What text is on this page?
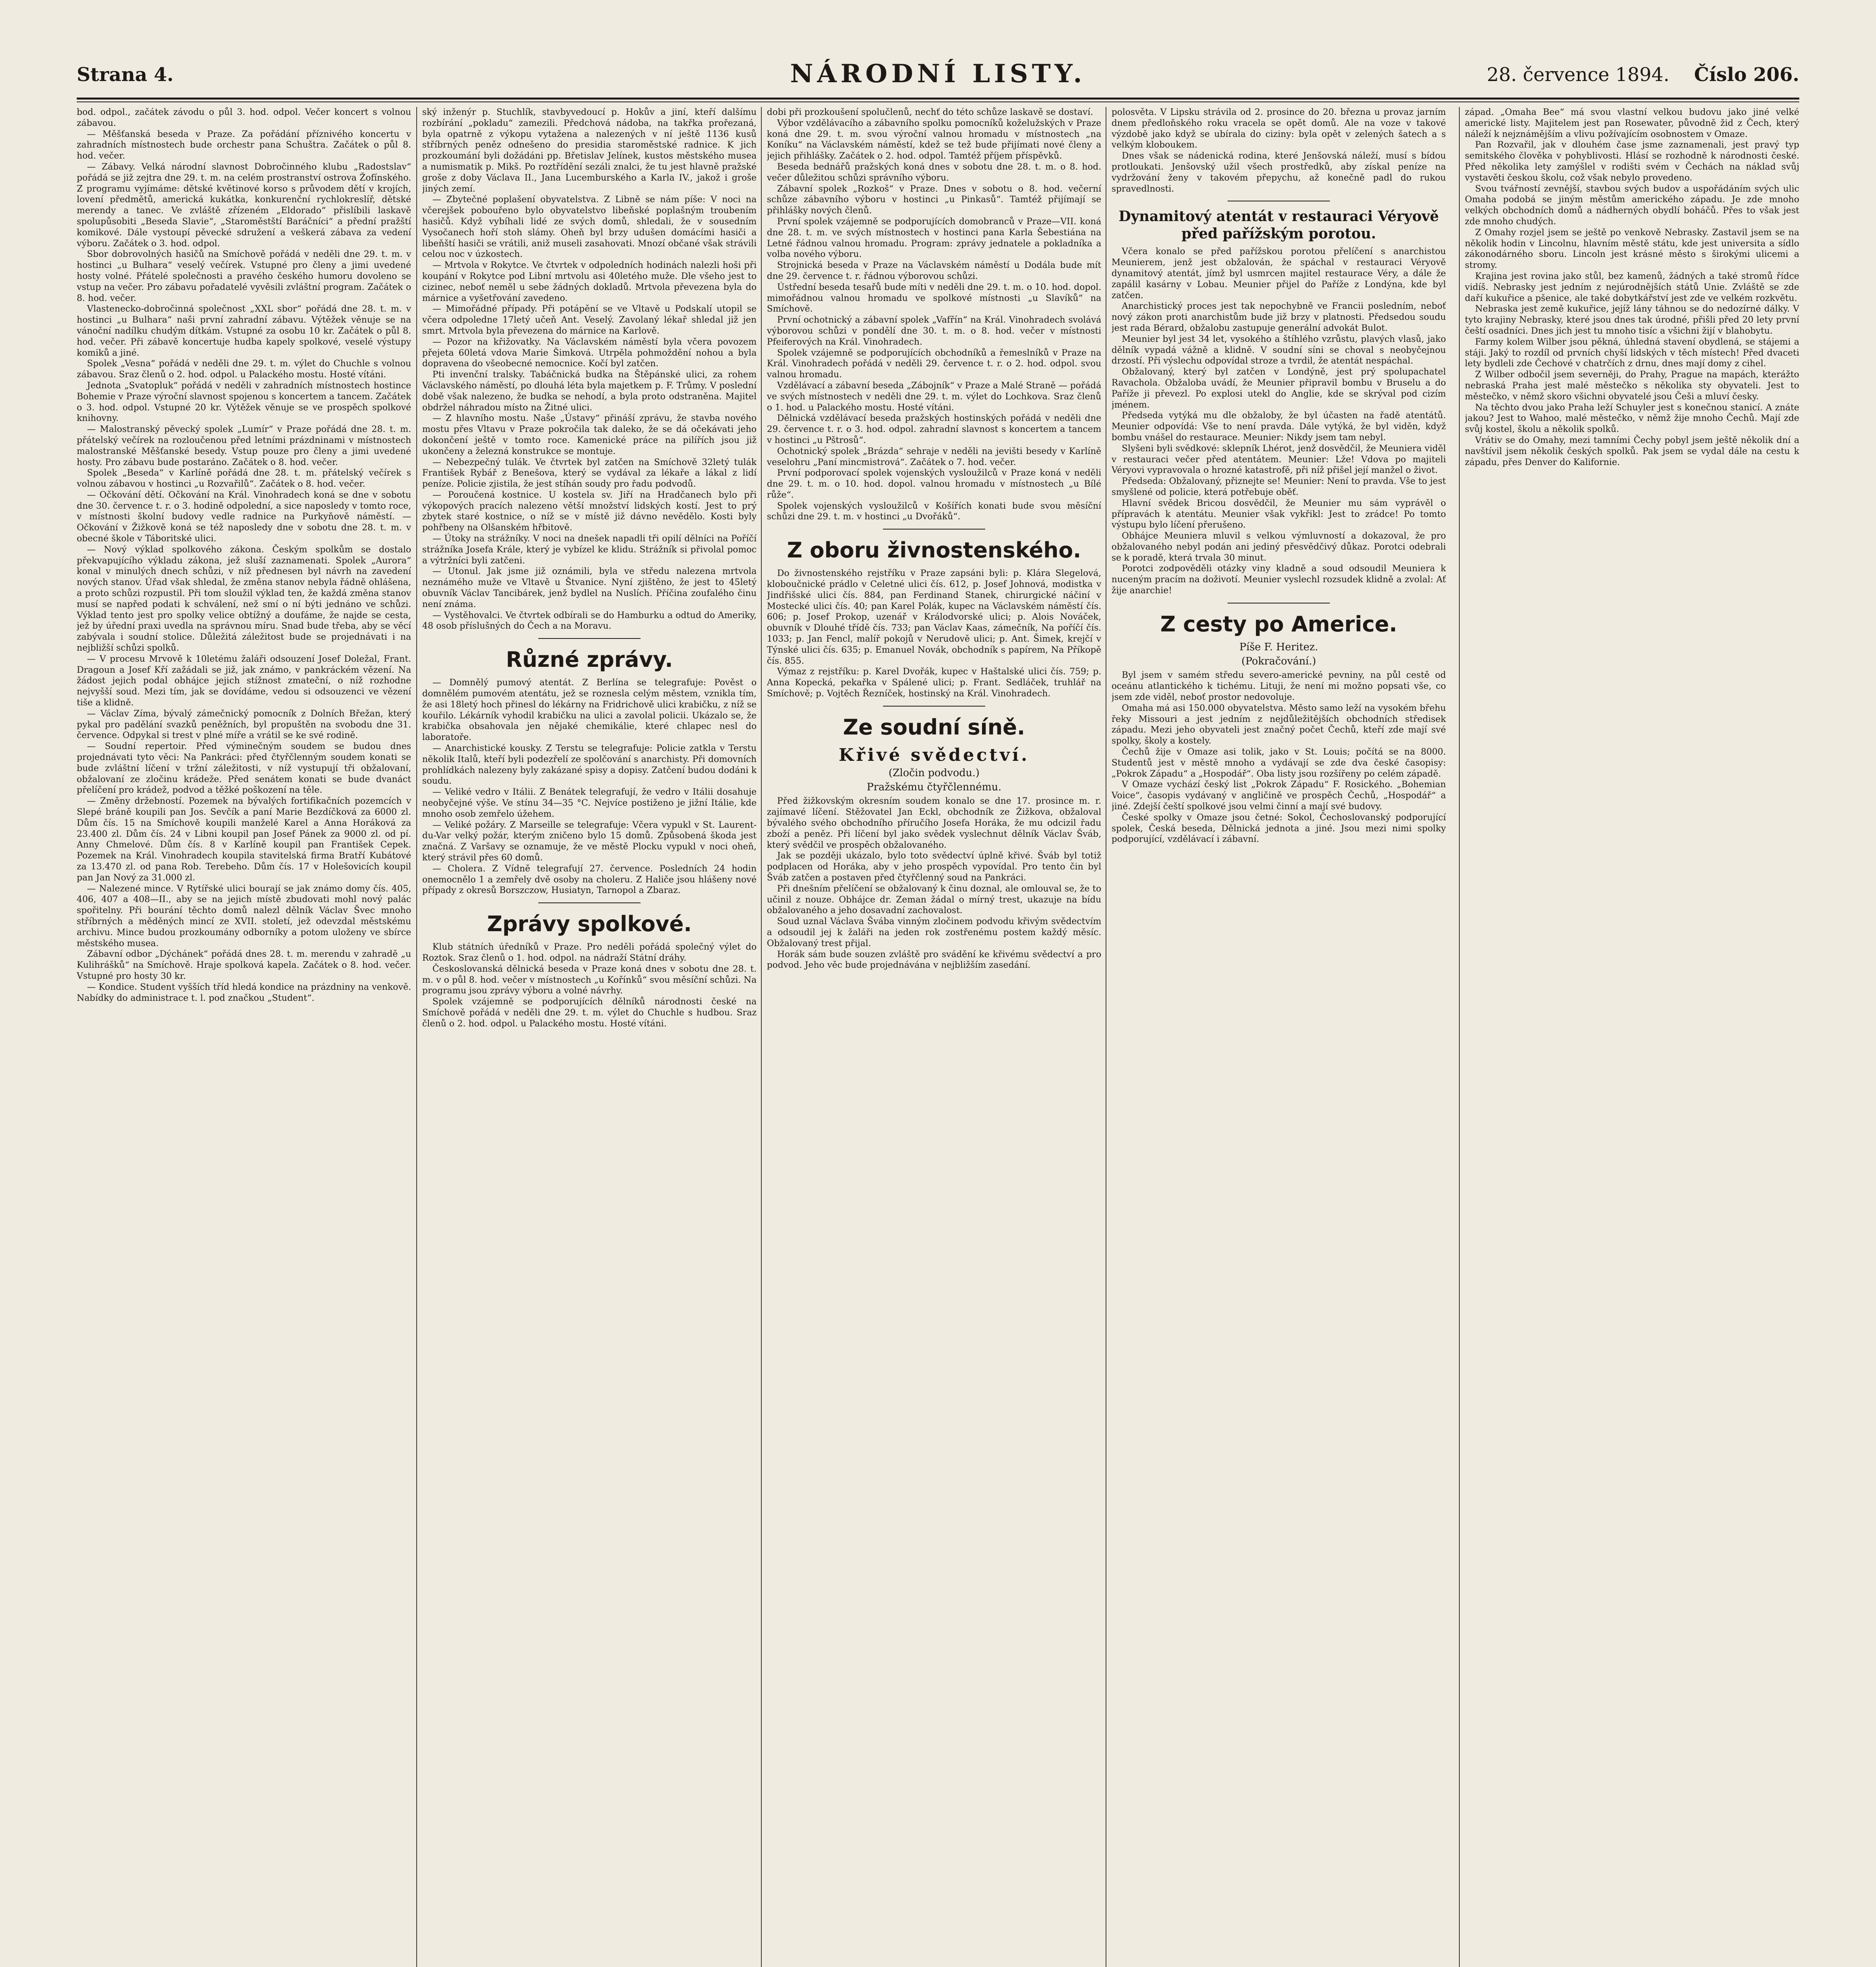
Strana 4.	NÁRODNÍ LISTY.	28. července 1894. Číslo 206.

bod. odpol., začátek závodu o půl 3. hod. odpol. Večer koncert s volnou zábavou.

— Měšťanská beseda v Praze. Za pořádání příznivého koncertu v zahradních místnostech bude orchestr pana Schuštra. Začátek o půl 8. hod. večer.

— Zábavy. Velká národní slavnost Dobročinného klubu „Radostslav“ pořádá se již zejtra dne 29. t. m. na celém prostranství ostrova Žofínského. Z programu vyjímáme: dětské květinové korso s průvodem dětí v krojích, lovení předmětů, americká kukátka, konkurenční rychlokreslíř, dětské merendy a tanec. Ve zvláště zřízeném „Eldorado“ přislíbili laskavě spolupůsobiti „Beseda Slavie“, „Staroměstští Baráčníci“ a přední pražští komikové. Dále vystoupí pěvecké sdružení a veškerá zábava za vedení výboru. Začátek o 3. hod. odpol.

Sbor dobrovolných hasičů na Smíchově pořádá v neděli dne 29. t. m. v hostinci „u Bulhara“ veselý večírek. Vstupné pro členy a jimi uvedené hosty volné. Přátelé společnosti a pravého českého humoru dovoleno se vstup na večer. Pro zábavu pořadatelé vyvěsili zvláštní program. Začátek o 8. hod. večer.

Vlastenecko-dobročinná společnost „XXL sbor“ pořádá dne 28. t. m. v hostinci „u Bulhara“ naši první zahradní zábavu. Výtěžek věnuje se na vánoční nadílku chudým dítkám. Vstupné za osobu 10 kr. Začátek o půl 8. hod. večer. Při zábavě koncertuje hudba kapely spolkové, veselé výstupy komiků a jiné.

Spolek „Vesna“ pořádá v neděli dne 29. t. m. výlet do Chuchle s volnou zábavou. Sraz členů o 2. hod. odpol. u Palackého mostu. Hosté vítáni.

Jednota „Svatopluk“ pořádá v neděli v zahradních místnostech hostince Bohemie v Praze výroční slavnost spojenou s koncertem a tancem. Začátek o 3. hod. odpol. Vstupné 20 kr. Výtěžek věnuje se ve prospěch spolkové knihovny.

— Malostranský pěvecký spolek „Lumír“ v Praze pořádá dne 28. t. m. přátelský večírek na rozloučenou před letními prázdninami v místnostech malostranské Měšťanské besedy. Vstup pouze pro členy a jimi uvedené hosty. Pro zábavu bude postaráno. Začátek o 8. hod. večer.

Spolek „Beseda“ v Karlíně pořádá dne 28. t. m. přátelský večírek s volnou zábavou v hostinci „u Rozvařilů“. Začátek o 8. hod. večer.

— Očkování dětí. Očkování na Král. Vinohradech koná se dne v sobotu dne 30. července t. r. o 3. hodině odpolední, a sice naposledy v tomto roce, v místnosti školní budovy vedle radnice na Purkyňově náměstí. — Očkování v Žižkově koná se též naposledy dne v sobotu dne 28. t. m. v obecné škole v Táboritské ulici.

— Nový výklad spolkového zákona. Českým spolkům se dostalo překvapujícího výkladu zákona, jež sluší zaznamenati. Spolek „Aurora“ konal v minulých dnech schůzi, v níž přednesen byl návrh na zavedení nových stanov. Úřad však shledal, že změna stanov nebyla řádně ohlášena, a proto schůzi rozpustil. Při tom sloužil výklad ten, že každá změna stanov musí se napřed podati k schválení, než smí o ní býti jednáno ve schůzi. Výklad tento jest pro spolky velice obtížný a doufáme, že najde se cesta, jež by úřední praxi uvedla na správnou míru. Snad bude třeba, aby se věcí zabývala i soudní stolice. Důležitá záležitost bude se projednávati i na nejbližší schůzi spolků.

— V procesu Mrvově k 10letému žaláři odsouzení Josef Doležal, Frant. Dragoun a Josef Kří zažádali se již, jak známo, v pankráckém vězení. Na žádost jejich podal obhájce jejich stížnost zmateční, o níž rozhodne nejvyšší soud. Mezi tím, jak se dovídáme, vedou si odsouzenci ve vězení tiše a klidně.

— Václav Zíma, bývalý zámečnický pomocník z Dolních Břežan, který pykal pro padělání svazků peněžních, byl propuštěn na svobodu dne 31. července. Odpykal si trest v plné míře a vrátil se ke své rodině.

— Soudní repertoir. Před výminečným soudem se budou dnes projednávati tyto věci: Na Pankráci: před čtyřčlenným soudem konati se bude zvláštní líčení v tržní záležitosti, v níž vystupují tři obžalovaní, obžalovaní ze zločinu krádeže. Před senátem konati se bude dvanáct přelíčení pro krádež, podvod a těžké poškození na těle.

— Změny držebností. Pozemek na bývalých fortifikačních pozemcích v Slepé bráně koupili pan Jos. Sevčík a paní Marie Bezdíčková za 6000 zl. Dům čís. 15 na Smíchově koupili manželé Karel a Anna Horáková za 23.400 zl. Dům čís. 24 v Libni koupil pan Josef Pánek za 9000 zl. od pí. Anny Chmelové. Dům čís. 8 v Karlíně koupil pan František Cepek. Pozemek na Král. Vinohradech koupila stavitelská firma Bratří Kubátové za 13.470 zl. od pana Rob. Terebeho. Dům čís. 17 v Holešovicích koupil pan Jan Nový za 31.000 zl.

— Nalezené mince. V Rytířské ulici bourají se jak známo domy čís. 405, 406, 407 a 408—II., aby se na jejich místě zbudovati mohl nový palác spořitelny. Při bourání těchto domů nalezl dělník Václav Švec mnoho stříbrných a měděných mincí ze XVII. století, jež odevzdal městskému archivu. Mince budou prozkoumány odborníky a potom uloženy ve sbírce městského musea.

Zábavní odbor „Dýchánek“ pořádá dnes 28. t. m. merendu v zahradě „u Kulihrášků“ na Smíchově. Hraje spolková kapela. Začátek o 8. hod. večer. Vstupné pro hosty 30 kr.

— Kondice. Student vyšších tříd hledá kondice na prázdniny na venkově. Nabídky do administrace t. l. pod značkou „Student“.

ský inženýr p. Stuchlík, stavbyvedoucí p. Hokův a jiní, kteří dalšímu rozbírání „pokladu“ zamezili. Předchová nádoba, na takřka prořezaná, byla opatrně z výkopu vytažena a nalezených v ní ještě 1136 kusů stříbrných peněz odnešeno do presidia staroměstské radnice. K jich prozkoumání byli dožádáni pp. Břetislav Jelínek, kustos městského musea a numismatik p. Mikš. Po roztřídění sezáli znalci, že tu jest hlavně pražské groše z doby Václava II., Jana Lucemburského a Karla IV., jakož i groše jiných zemí.

— Zbytečné poplašení obyvatelstva. Z Libně se nám píše: V noci na včerejšek pobouřeno bylo obyvatelstvo libeňské poplašným troubením hasičů. Když vybíhali lidé ze svých domů, shledali, že v sousedním Vysočanech hoří stoh slámy. Oheň byl brzy udušen domácími hasiči a libeňští hasiči se vrátili, aniž museli zasahovati. Mnozí občané však strávili celou noc v úzkostech.

— Mrtvola v Rokytce. Ve čtvrtek v odpoledních hodinách nalezli hoši při koupání v Rokytce pod Libní mrtvolu asi 40letého muže. Dle všeho jest to cizinec, neboť neměl u sebe žádných dokladů. Mrtvola převezena byla do márnice a vyšetřování zavedeno.

— Mimořádné případy. Při potápění se ve Vltavě u Podskalí utopil se včera odpoledne 17letý učeň Ant. Veselý. Zavolaný lékař shledal již jen smrt. Mrtvola byla převezena do márnice na Karlově.

— Pozor na křižovatky. Na Václavském náměstí byla včera povozem přejeta 60letá vdova Marie Šimková. Utrpěla pohmoždění nohou a byla dopravena do všeobecné nemocnice. Kočí byl zatčen.

Pti invenční tralsky. Tabáčnická budka na Štěpánské ulici, za rohem Václavského náměstí, po dlouhá léta byla majetkem p. F. Trůmy. V poslední době však nalezeno, že budka se nehodí, a byla proto odstraněna. Majitel obdržel náhradou místo na Žitné ulici.

— Z hlavního mostu. Naše „Ústavy“ přináší zprávu, že stavba nového mostu přes Vltavu v Praze pokročila tak daleko, že se dá očekávati jeho dokončení ještě v tomto roce. Kamenické práce na pilířích jsou již ukončeny a železná konstrukce se montuje.

— Nebezpečný tulák. Ve čtvrtek byl zatčen na Smíchově 32letý tulák František Rybář z Benešova, který se vydával za lékaře a lákal z lidí peníze. Policie zjistila, že jest stíhán soudy pro řadu podvodů.

— Poroučená kostnice. U kostela sv. Jiří na Hradčanech bylo při výkopových pracích nalezeno větší množství lidských kostí. Jest to prý zbytek staré kostnice, o níž se v místě již dávno nevědělo. Kosti byly pohřbeny na Olšanském hřbitově.

— Útoky na strážníky. V noci na dnešek napadli tři opilí dělníci na Poříčí strážníka Josefa Krále, který je vybízel ke klidu. Strážník si přivolal pomoc a výtržníci byli zatčeni.

— Utonul. Jak jsme již oznámili, byla ve středu nalezena mrtvola neznámého muže ve Vltavě u Štvanice. Nyní zjištěno, že jest to 45letý obuvník Václav Tancibárek, jenž bydlel na Nuslích. Příčina zoufalého činu není známa.

— Vystěhovalci. Ve čtvrtek odbírali se do Hamburku a odtud do Ameriky, 48 osob příslušných do Čech a na Moravu.

Různé zprávy.

— Domnělý pumový atentát. Z Berlína se telegrafuje: Pověst o domnělém pumovém atentátu, jež se roznesla celým městem, vznikla tím, že asi 18letý hoch přinesl do lékárny na Fridrichově ulici krabičku, z níž se kouřilo. Lékárník vyhodil krabičku na ulici a zavolal policii. Ukázalo se, že krabička obsahovala jen nějaké chemikálie, které chlapec nesl do laboratoře.

— Anarchistické kousky. Z Terstu se telegrafuje: Policie zatkla v Terstu několik Italů, kteří byli podezřelí ze spolčování s anarchisty. Při domovních prohlídkách nalezeny byly zakázané spisy a dopisy. Zatčení budou dodáni k soudu.

— Veliké vedro v Itálii. Z Benátek telegrafují, že vedro v Itálii dosahuje neobyčejné výše. Ve stínu 34—35 °C. Nejvíce postiženo je jižní Itálie, kde mnoho osob zemřelo úžehem.

— Veliké požáry. Z Marseille se telegrafuje: Včera vypukl v St. Laurent-du-Var velký požár, kterým zničeno bylo 15 domů. Způsobená škoda jest značná. Z Varšavy se oznamuje, že ve městě Plocku vypukl v noci oheň, který strávil přes 60 domů.

— Cholera. Z Vídně telegrafují 27. července. Posledních 24 hodin onemocnělo 1 a zemřely dvě osoby na choleru. Z Haliče jsou hlášeny nové případy z okresů Borszczow, Husiatyn, Tarnopol a Zbaraz.

Zprávy spolkové.

Klub státních úředníků v Praze. Pro neděli pořádá společný výlet do Roztok. Sraz členů o 1. hod. odpol. na nádraží Státní dráhy.

Českoslovanská dělnická beseda v Praze koná dnes v sobotu dne 28. t. m. v o půl 8. hod. večer v místnostech „u Kořínků“ svou měsíční schůzi. Na programu jsou zprávy výboru a volné návrhy.

Spolek vzájemně se podporujících dělníků národnosti české na Smíchově pořádá v neděli dne 29. t. m. výlet do Chuchle s hudbou. Sraz členů o 2. hod. odpol. u Palackého mostu. Hosté vítáni.

dobi při prozkoušení spolučlenů, nechť do této schůze laskavě se dostaví.

Výbor vzdělávacího a zábavního spolku pomocníků koželužských v Praze koná dne 29. t. m. svou výroční valnou hromadu v místnostech „na Koníku“ na Václavském náměstí, kdež se tež bude přijímati nové členy a jejich přihlášky. Začátek o 2. hod. odpol. Tamtéž příjem příspěvků.

Beseda bednářů pražských koná dnes v sobotu dne 28. t. m. o 8. hod. večer důležitou schůzi správního výboru.

Zábavní spolek „Rozkoš“ v Praze. Dnes v sobotu o 8. hod. večerní schůze zábavního výboru v hostinci „u Pinkasů“. Tamtéž přijímají se přihlášky nových členů.

První spolek vzájemně se podporujících domobranců v Praze—VII. koná dne 28. t. m. ve svých místnostech v hostinci pana Karla Šebestiána na Letné řádnou valnou hromadu. Program: zprávy jednatele a pokladníka a volba nového výboru.

Strojnická beseda v Praze na Václavském náměstí u Dodála bude mít dne 29. července t. r. řádnou výborovou schůzi.

Ústřední beseda tesařů bude míti v neděli dne 29. t. m. o 10. hod. dopol. mimořádnou valnou hromadu ve spolkové místnosti „u Slavíků“ na Smíchově.

První ochotnický a zábavní spolek „Vafřín“ na Král. Vinohradech svolává výborovou schůzi v pondělí dne 30. t. m. o 8. hod. večer v místnosti Pfeiferových na Král. Vinohradech.

Spolek vzájemně se podporujících obchodníků a řemeslníků v Praze na Král. Vinohradech pořádá v neděli 29. července t. r. o 2. hod. odpol. svou valnou hromadu.

Vzdělávací a zábavní beseda „Zábojník“ v Praze a Malé Straně — pořádá ve svých místnostech v neděli dne 29. t. m. výlet do Lochkova. Sraz členů o 1. hod. u Palackého mostu. Hosté vítáni.

Dělnická vzdělávací beseda pražských hostinských pořádá v neděli dne 29. července t. r. o 3. hod. odpol. zahradní slavnost s koncertem a tancem v hostinci „u Pštrosů“.

Ochotnický spolek „Brázda“ sehraje v neděli na jevišti besedy v Karlíně veselohru „Paní mincmistrová“. Začátek o 7. hod. večer.

První podporovací spolek vojenských vysloužilců v Praze koná v neděli dne 29. t. m. o 10. hod. dopol. valnou hromadu v místnostech „u Bílé růže“.

Spolek vojenských vysloužilců v Košířích konati bude svou měsíční schůzi dne 29. t. m. v hostinci „u Dvořáků“.

Z oboru živnostenského.

Do živnostenského rejstříku v Praze zapsáni byli: p. Klára Slegelová, kloboučnické prádlo v Celetné ulici čís. 612, p. Josef Johnová, modistka v Jindřišské ulici čís. 884, pan Ferdinand Stanek, chirurgické náčiní v Mostecké ulici čís. 40; pan Karel Polák, kupec na Václavském náměstí čís. 606; p. Josef Prokop, uzenář v Králodvorské ulici; p. Alois Nováček, obuvník v Dlouhé třídě čís. 733; pan Václav Kaas, zámečník, Na poříčí čís. 1033; p. Jan Fencl, malíř pokojů v Nerudově ulici; p. Ant. Šimek, krejčí v Týnské ulici čís. 635; p. Emanuel Novák, obchodník s papírem, Na Příkopě čís. 855.

Výmaz z rejstříku: p. Karel Dvořák, kupec v Haštalské ulici čís. 759; p. Anna Kopecká, pekařka v Spálené ulici; p. Frant. Sedláček, truhlář na Smíchově; p. Vojtěch Řezníček, hostinský na Král. Vinohradech.

Ze soudní síně.
Křivé svědectví.
(Zločin podvodu.)
Pražskému čtyřčlennému.

Před žižkovským okresním soudem konalo se dne 17. prosince m. r. zajímavé líčení. Stěžovatel Jan Eckl, obchodník ze Žižkova, obžaloval bývalého svého obchodního příručího Josefa Horáka, že mu odcizil řadu zboží a peněz. Při líčení byl jako svědek vyslechnut dělník Václav Šváb, který svědčil ve prospěch obžalovaného.

Jak se později ukázalo, bylo toto svědectví úplně křivé. Šváb byl totiž podplacen od Horáka, aby v jeho prospěch vypovídal. Pro tento čin byl Šváb zatčen a postaven před čtyřčlenný soud na Pankráci.

Při dnešním přelíčení se obžalovaný k činu doznal, ale omlouval se, že to učinil z nouze. Obhájce dr. Zeman žádal o mírný trest, ukazuje na bídu obžalovaného a jeho dosavadní zachovalost.

Soud uznal Václava Švába vinným zločinem podvodu křivým svědectvím a odsoudil jej k žaláři na jeden rok zostřenému postem každý měsíc. Obžalovaný trest přijal.

Horák sám bude souzen zvláště pro svádění ke křivému svědectví a pro podvod. Jeho věc bude projednávána v nejbližším zasedání.

polosvěta. V Lipsku strávila od 2. prosince do 20. března u provaz jarním dnem předloňského roku vracela se opět domů. Ale na voze v takové výzdobě jako když se ubírala do ciziny: byla opět v zelených šatech a s velkým kloboukem.

Dnes však se nádenická rodina, které Jenšovská náleží, musí s bídou protloukati. Jenšovský užil všech prostředků, aby získal peníze na vydržování ženy v takovém přepychu, až konečně padl do rukou spravedlnosti.

Dynamitový atentát v restauraci Véryově před pařížským porotou.

Včera konalo se před pařížskou porotou přelíčení s anarchistou Meunierem, jenž jest obžalován, že spáchal v restauraci Véryově dynamitový atentát, jímž byl usmrcen majitel restaurace Véry, a dále že zapálil kasárny v Lobau. Meunier přijel do Paříže z Londýna, kde byl zatčen.

Anarchistický proces jest tak nepochybně ve Francii posledním, neboť nový zákon proti anarchistům bude již brzy v platnosti. Předsedou soudu jest rada Bérard, obžalobu zastupuje generální advokát Bulot.

Meunier byl jest 34 let, vysokého a štíhlého vzrůstu, plavých vlasů, jako dělník vypadá vážně a klidně. V soudní síni se choval s neobyčejnou drzostí. Při výslechu odpovídal stroze a tvrdil, že atentát nespáchal.

Obžalovaný, který byl zatčen v Londýně, jest prý spolupachatel Ravachola. Obžaloba uvádí, že Meunier připravil bombu v Bruselu a do Paříže ji převezl. Po explosi utekl do Anglie, kde se skrýval pod cizím jménem.

Předseda vytýká mu dle obžaloby, že byl účasten na řadě atentátů. Meunier odpovídá: Vše to není pravda. Dále vytýká, že byl viděn, když bombu vnášel do restaurace. Meunier: Nikdy jsem tam nebyl.

Slyšeni byli svědkové: sklepník Lhérot, jenž dosvědčil, že Meuniera viděl v restauraci večer před atentátem. Meunier: Lže! Vdova po majiteli Véryovi vypravovala o hrozné katastrofě, při níž přišel její manžel o život.

Předseda: Obžalovaný, přiznejte se! Meunier: Není to pravda. Vše to jest smyšlené od policie, která potřebuje oběť.

Hlavní svědek Bricou dosvědčil, že Meunier mu sám vyprávěl o přípravách k atentátu. Meunier však vykřikl: Jest to zrádce! Po tomto výstupu bylo líčení přerušeno.

Obhájce Meuniera mluvil s velkou výmluvností a dokazoval, že pro obžalovaného nebyl podán ani jediný přesvědčivý důkaz. Porotci odebrali se k poradě, která trvala 30 minut.

Porotci zodpověděli otázky viny kladně a soud odsoudil Meuniera k nuceným pracím na doživotí. Meunier vyslechl rozsudek klidně a zvolal: Ať žije anarchie!

Z cesty po Americe.
Píše F. Heritez.
(Pokračování.)

Byl jsem v samém středu severo-americké pevniny, na půl cestě od oceánu atlantického k tichému. Lituji, že není mi možno popsati vše, co jsem zde viděl, neboť prostor nedovoluje.

Omaha má asi 150.000 obyvatelstva. Město samo leží na vysokém břehu řeky Missouri a jest jedním z nejdůležitějších obchodních středisek západu. Mezi jeho obyvateli jest značný počet Čechů, kteří zde mají své spolky, školy a kostely.

Čechů žije v Omaze asi tolik, jako v St. Louis; počítá se na 8000. Studentů jest v městě mnoho a vydávají se zde dva české časopisy: „Pokrok Západu“ a „Hospodář“. Oba listy jsou rozšířeny po celém západě.

V Omaze vychází český list „Pokrok Západu“ F. Rosického. „Bohemian Voice“, časopis vydávaný v angličině ve prospěch Čechů, „Hospodář“ a jiné. Zdejší čeští spolkové jsou velmi činní a mají své budovy.

České spolky v Omaze jsou četné: Sokol, Čechoslovanský podporující spolek, Česká beseda, Dělnická jednota a jiné. Jsou mezi nimi spolky podporující, vzdělávací i zábavní.

západ. „Omaha Bee“ má svou vlastní velkou budovu jako jiné velké americké listy. Majitelem jest pan Rosewater, původně žid z Čech, který náleží k nejznámějším a vlivu požívajícím osobnostem v Omaze.

Pan Rozvařil, jak v dlouhém čase jsme zaznamenali, jest pravý typ semitského člověka v pohyblivosti. Hlásí se rozhodně k národnosti české. Před několika lety zamýšlel v rodišti svém v Čechách na náklad svůj vystavěti českou školu, což však nebylo provedeno.

Svou tvářností zevnější, stavbou svých budov a uspořádáním svých ulic Omaha podobá se jiným městům amerického západu. Je zde mnoho velkých obchodních domů a nádherných obydlí boháčů. Přes to však jest zde mnoho chudých.

Z Omahy rozjel jsem se ještě po venkově Nebrasky. Zastavil jsem se na několik hodin v Lincolnu, hlavním městě státu, kde jest universita a sídlo zákonodárného sboru. Lincoln jest krásné město s širokými ulicemi a stromy.

Krajina jest rovina jako stůl, bez kamenů, žádných a také stromů řídce vidíš. Nebrasky jest jedním z nejúrodnějších států Unie. Zvláště se zde daří kukuřice a pšenice, ale také dobytkářství jest zde ve velkém rozkvětu.

Nebraska jest země kukuřice, jejíž lány táhnou se do nedozírné dálky. V tyto krajiny Nebrasky, které jsou dnes tak úrodné, přišli před 20 lety první čeští osadníci. Dnes jich jest tu mnoho tisíc a všichni žijí v blahobytu.

Farmy kolem Wilber jsou pěkná, úhledná stavení obydlená, se stájemi a stáji. Jaký to rozdíl od prvních chyší lidských v těch místech! Před dvaceti lety bydleli zde Čechové v chatrčích z drnu, dnes mají domy z cihel.

Z Wilber odbočil jsem severněji, do Prahy, Prague na mapách, kterážto nebraská Praha jest malé městečko s několika sty obyvateli. Jest to městečko, v němž skoro všichni obyvatelé jsou Češi a mluví česky.

Na těchto dvou jako Praha leží Schuyler jest s konečnou stanicí. A znáte jakou? Jest to Wahoo, malé městečko, v němž žije mnoho Čechů. Mají zde svůj kostel, školu a několik spolků.

Vrátiv se do Omahy, mezi tamními Čechy pobyl jsem ještě několik dní a navštívil jsem několik českých spolků. Pak jsem se vydal dále na cestu k západu, přes Denver do Kalifornie.
